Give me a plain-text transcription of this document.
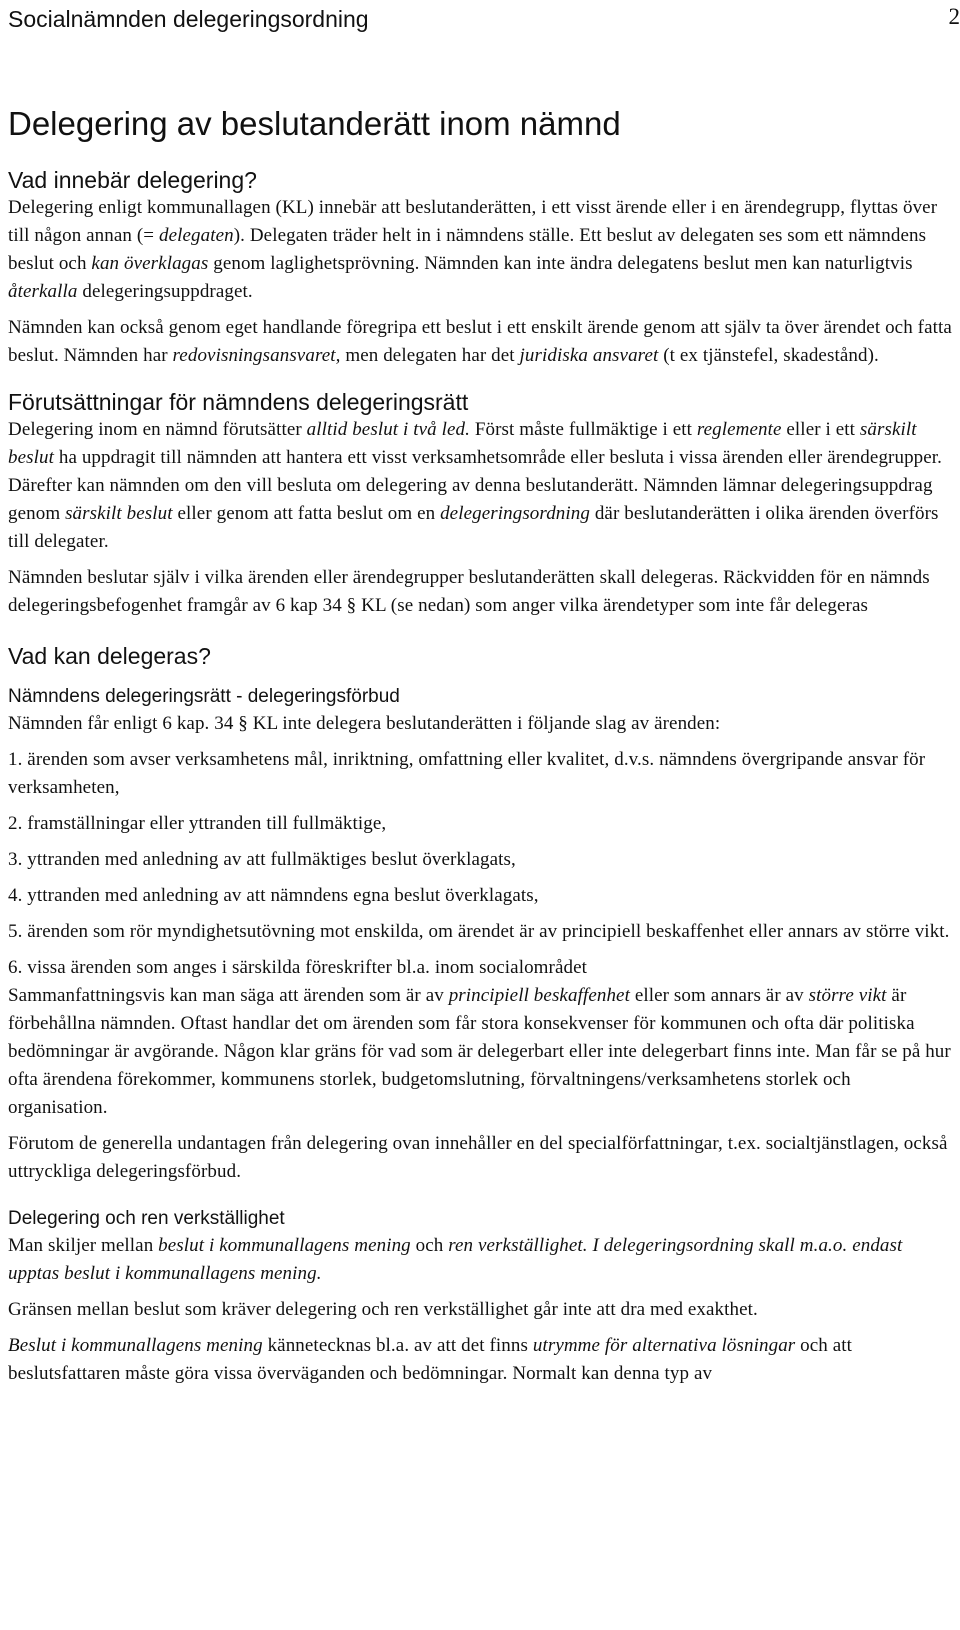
Socialnämnden delegeringsordning	2
Delegering av beslutanderätt inom nämnd
Vad innebär delegering?

Delegering enligt kommunallagen (KL) innebär att beslutanderätten, i ett visst ärende eller i en ärendegrupp, flyttas över till någon annan (= delegaten). Delegaten träder helt in i nämndens ställe. Ett beslut av delegaten ses som ett nämndens beslut och kan överklagas genom laglighetsprövning. Nämnden kan inte ändra delegatens beslut men kan naturligtvis återkalla delegeringsuppdraget.

Nämnden kan också genom eget handlande föregripa ett beslut i ett enskilt ärende genom att själv ta över ärendet och fatta beslut. Nämnden har redovisningsansvaret, men delegaten har det juridiska ansvaret (t ex tjänstefel, skadestånd).

Förutsättningar för nämndens delegeringsrätt

Delegering inom en nämnd förutsätter alltid beslut i två led. Först måste fullmäktige i ett reglemente eller i ett särskilt beslut ha uppdragit till nämnden att hantera ett visst verksamhetsområde eller besluta i vissa ärenden eller ärendegrupper. Därefter kan nämnden om den vill besluta om delegering av denna beslutanderätt. Nämnden lämnar delegeringsuppdrag genom särskilt beslut eller genom att fatta beslut om en delegeringsordning där beslutanderätten i olika ärenden överförs till delegater.

Nämnden beslutar själv i vilka ärenden eller ärendegrupper beslutanderätten skall delegeras. Räckvidden för en nämnds delegeringsbefogenhet framgår av 6 kap 34 § KL (se nedan) som anger vilka ärendetyper som inte får delegeras

Vad kan delegeras?
Nämndens delegeringsrätt - delegeringsförbud

Nämnden får enligt 6 kap. 34 § KL inte delegera beslutanderätten i följande slag av ärenden:

1. ärenden som avser verksamhetens mål, inriktning, omfattning eller kvalitet, d.v.s. nämndens övergripande ansvar för verksamheten,

2. framställningar eller yttranden till fullmäktige,

3. yttranden med anledning av att fullmäktiges beslut överklagats,

4. yttranden med anledning av att nämndens egna beslut överklagats,

5. ärenden som rör myndighetsutövning mot enskilda, om ärendet är av principiell beskaffenhet eller annars av större vikt.

6. vissa ärenden som anges i särskilda föreskrifter bl.a. inom socialområdet

Sammanfattningsvis kan man säga att ärenden som är av principiell beskaffenhet eller som annars är av större vikt är förbehållna nämnden. Oftast handlar det om ärenden som får stora konsekvenser för kommunen och ofta där politiska bedömningar är avgörande. Någon klar gräns för vad som är delegerbart eller inte delegerbart finns inte. Man får se på hur ofta ärendena förekommer, kommunens storlek, budgetomslutning, förvaltningens/verksamhetens storlek och organisation.

Förutom de generella undantagen från delegering ovan innehåller en del specialförfattningar, t.ex. socialtjänstlagen, också uttryckliga delegeringsförbud.

Delegering och ren verkställighet

Man skiljer mellan beslut i kommunallagens mening och ren verkställighet. I delegeringsordning skall m.a.o. endast upptas beslut i kommunallagens mening.

Gränsen mellan beslut som kräver delegering och ren verkställighet går inte att dra med exakthet.

Beslut i kommunallagens mening kännetecknas bl.a. av att det finns utrymme för alternativa lösningar och att beslutsfattaren måste göra vissa överväganden och bedömningar. Normalt kan denna typ av
